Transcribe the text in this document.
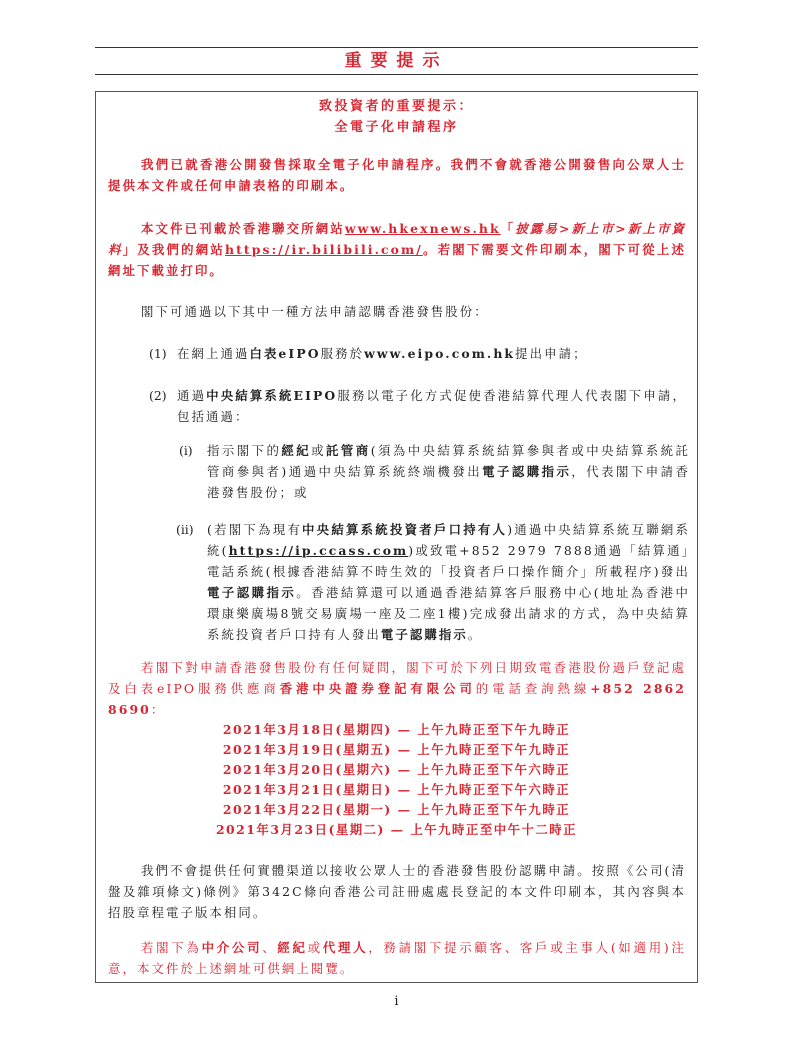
重要提示
致投資者的重要提示：
全電子化申請程序
我們已就香港公開發售採取全電子化申請程序。我們不會就香港公開發售向公眾人士提供本文件或任何申請表格的印刷本。
本文件已刊載於香港聯交所網站www.hkexnews.hk「披露易>新上市>新上市資料」及我們的網站https://ir.bilibili.com/。若閣下需要文件印刷本，閣下可從上述網址下載並打印。
閣下可通過以下其中一種方法申請認購香港發售股份：
(1) 在網上通過白表eIPO服務於www.eipo.com.hk提出申請；
(2) 通過中央結算系統EIPO服務以電子化方式促使香港結算代理人代表閣下申請，包括通過：
(i) 指示閣下的經紀或託管商(須為中央結算系統結算參與者或中央結算系統託管商參與者)通過中央結算系統終端機發出電子認購指示，代表閣下申請香港發售股份；或
(ii) (若閣下為現有中央結算系統投資者戶口持有人)通過中央結算系統互聯網系統(https://ip.ccass.com)或致電+852 2979 7888通過「結算通」電話系統(根據香港結算不時生效的「投資者戶口操作簡介」所載程序)發出電子認購指示。香港結算還可以通過香港結算客戶服務中心(地址為香港中環康樂廣場8號交易廣場一座及二座1樓)完成發出請求的方式，為中央結算系統投資者戶口持有人發出電子認購指示。
若閣下對申請香港發售股份有任何疑問，閣下可於下列日期致電香港股份過戶登記處及白表eIPO服務供應商香港中央證券登記有限公司的電話查詢熱線+852 2862 8690：
2021年3月18日(星期四) — 上午九時正至下午九時正
2021年3月19日(星期五) — 上午九時正至下午九時正
2021年3月20日(星期六) — 上午九時正至下午六時正
2021年3月21日(星期日) — 上午九時正至下午六時正
2021年3月22日(星期一) — 上午九時正至下午九時正
2021年3月23日(星期二) — 上午九時正至中午十二時正
我們不會提供任何實體渠道以接收公眾人士的香港發售股份認購申請。按照《公司(清盤及雜項條文)條例》第342C條向香港公司註冊處處長登記的本文件印刷本，其內容與本招股章程電子版本相同。
若閣下為中介公司、經紀或代理人，務請閣下提示顧客、客戶或主事人(如適用)注意，本文件於上述網址可供網上閱覽。
i
